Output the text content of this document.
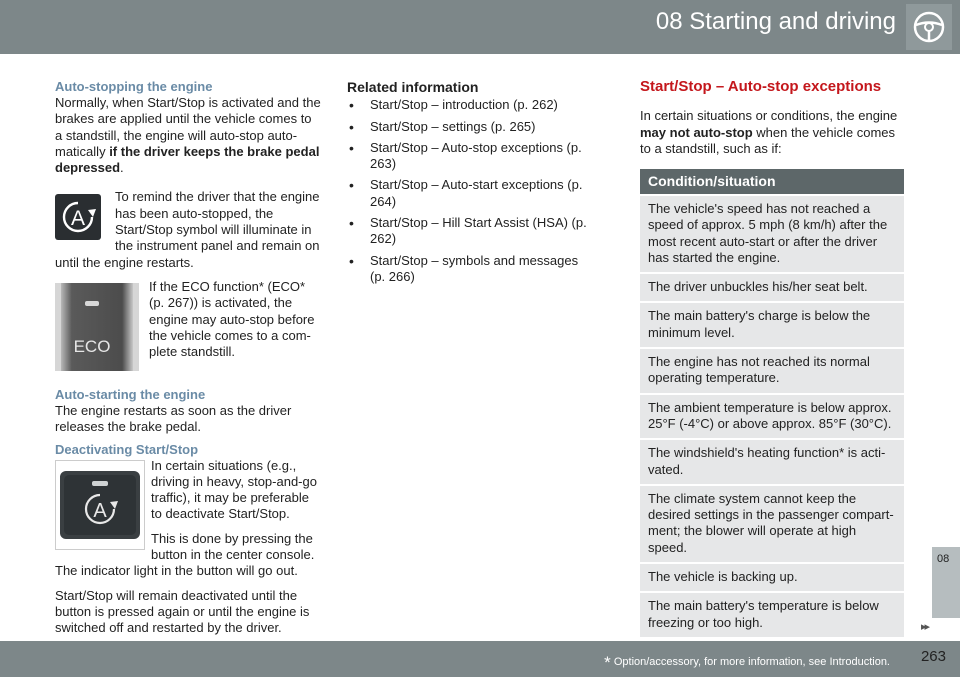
08 Starting and driving
Auto-stopping the engine

Normally, when Start/Stop is activated and the brakes are applied until the vehicle comes to a standstill, the engine will auto-stop auto-matically if the driver keeps the brake pedal depressed.

A

To remind the driver that the engine has been auto-stopped, the Start/Stop symbol will illuminate in the instrument panel and remain on until the engine restarts.

ECO

If the ECO function* (ECO* (p. 267)) is activated, the engine may auto-stop before the vehicle comes to a com-plete standstill.

Auto-starting the engine

The engine restarts as soon as the driver releases the brake pedal.

Deactivating Start/Stop
A

In certain situations (e.g., driving in heavy, stop-and-go traffic), it may be preferable to deactivate Start/Stop.

This is done by pressing the button in the center console. The indicator light in the button will go out.

Start/Stop will remain deactivated until the button is pressed again or until the engine is switched off and restarted by the driver.

Related information
• Start/Stop – introduction (p. 262)
• Start/Stop – settings (p. 265)
• Start/Stop – Auto-stop exceptions (p. 263)
• Start/Stop – Auto-start exceptions (p. 264)
• Start/Stop – Hill Start Assist (HSA) (p. 262)
• Start/Stop – symbols and messages (p. 266)
Start/Stop – Auto-stop exceptions

In certain situations or conditions, the engine may not auto-stop when the vehicle comes to a standstill, such as if:

Condition/situation
The vehicle's speed has not reached a speed of approx. 5 mph (8 km/h) after the most recent auto-start or after the driver has started the engine.
The driver unbuckles his/her seat belt.
The main battery's charge is below the minimum level.
The engine has not reached its normal operating temperature.
The ambient temperature is below approx. 25°F (-4°C) or above approx. 85°F (30°C).
The windshield's heating function* is acti-vated.
The climate system cannot keep the desired settings in the passenger compart-ment; the blower will operate at high speed.
The vehicle is backing up.
The main battery's temperature is below freezing or too high.
08
▸▸
* Option/accessory, for more information, see Introduction. 263
